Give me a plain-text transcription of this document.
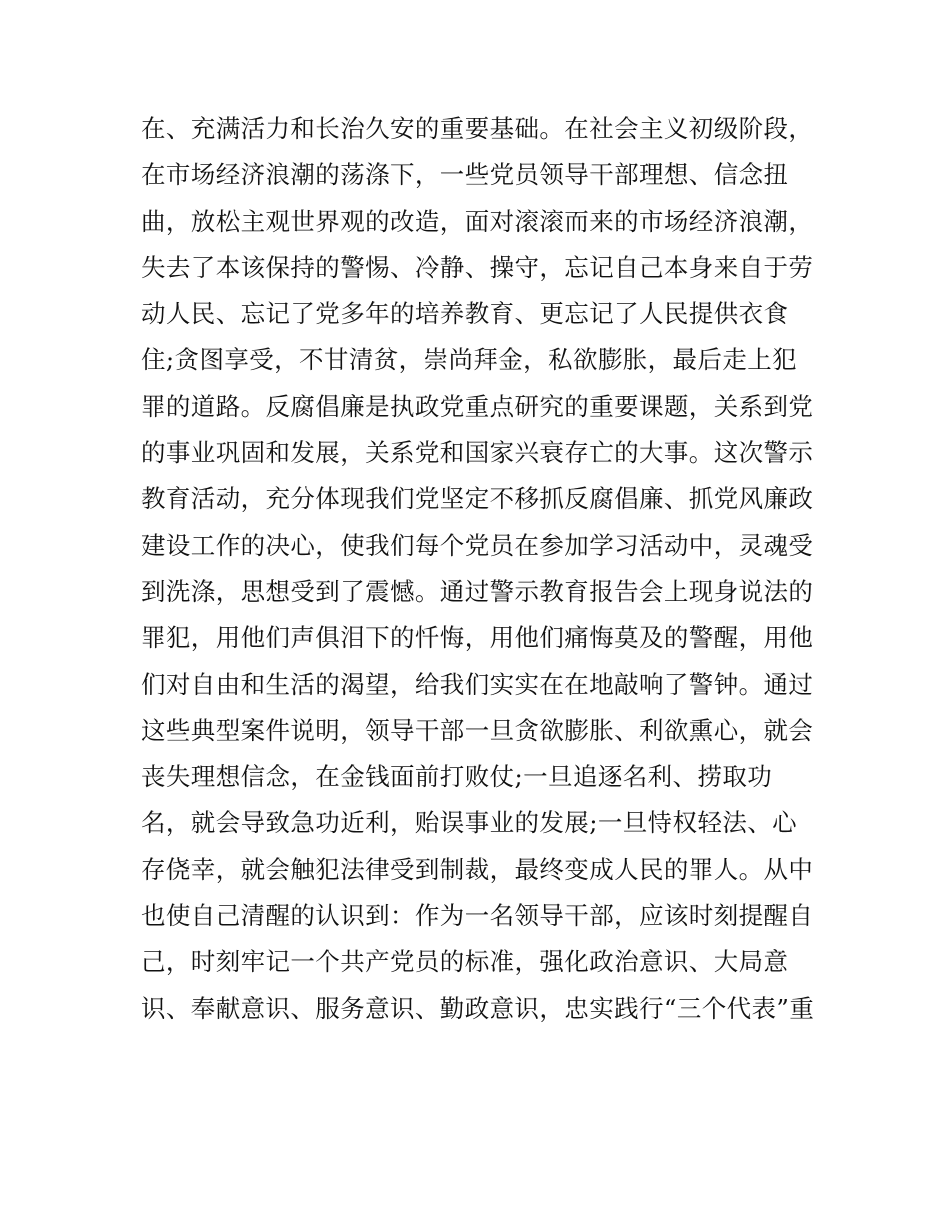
在、充满活力和长治久安的重要基础。在社会主义初级阶段，
在市场经济浪潮的荡涤下，一些党员领导干部理想、信念扭
曲，放松主观世界观的改造，面对滚滚而来的市场经济浪潮，
失去了本该保持的警惕、冷静、操守，忘记自己本身来自于劳
动人民、忘记了党多年的培养教育、更忘记了人民提供衣食
住;贪图享受，不甘清贫，崇尚拜金，私欲膨胀，最后走上犯
罪的道路。反腐倡廉是执政党重点研究的重要课题，关系到党
的事业巩固和发展，关系党和国家兴衰存亡的大事。这次警示
教育活动，充分体现我们党坚定不移抓反腐倡廉、抓党风廉政
建设工作的决心，使我们每个党员在参加学习活动中，灵魂受
到洗涤，思想受到了震憾。通过警示教育报告会上现身说法的
罪犯，用他们声俱泪下的忏悔，用他们痛悔莫及的警醒，用他
们对自由和生活的渴望，给我们实实在在地敲响了警钟。通过
这些典型案件说明，领导干部一旦贪欲膨胀、利欲熏心，就会
丧失理想信念，在金钱面前打败仗;一旦追逐名利、捞取功
名，就会导致急功近利，贻误事业的发展;一旦恃权轻法、心
存侥幸，就会触犯法律受到制裁，最终变成人民的罪人。从中
也使自己清醒的认识到：作为一名领导干部，应该时刻提醒自
己，时刻牢记一个共产党员的标准，强化政治意识、大局意
识、奉献意识、服务意识、勤政意识，忠实践行“三个代表”重
